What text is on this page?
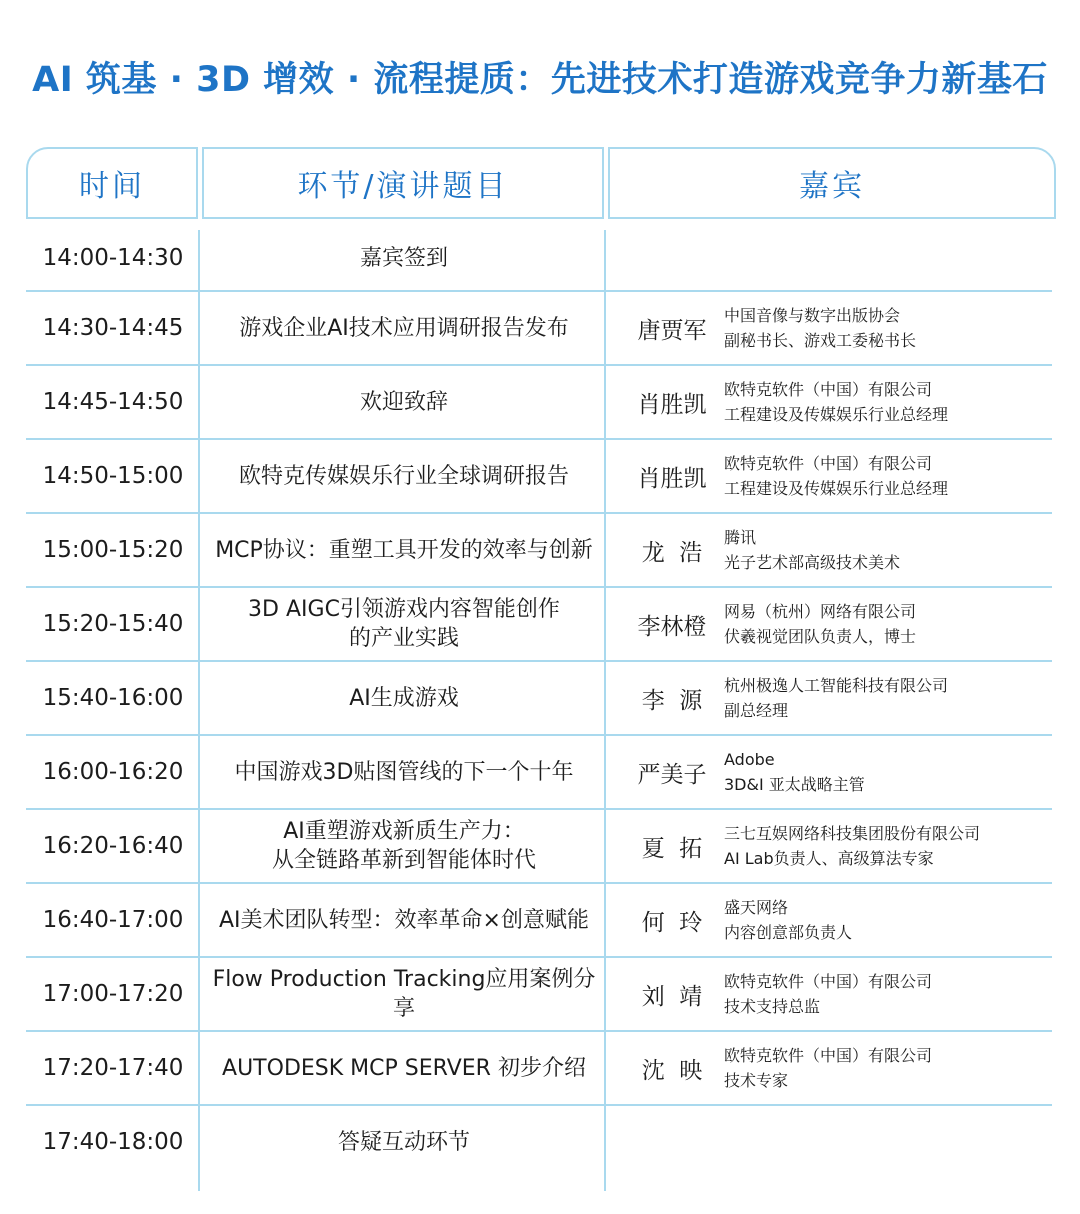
AI 筑基 · 3D 增效 · 流程提质：先进技术打造游戏竞争力新基石
时间	环节/演讲题目	嘉宾
14:00-14:30	嘉宾签到
14:30-14:45	游戏企业AI技术应用调研报告发布	唐贾军
中国音像与数字出版协会
副秘书长、游戏工委秘书长
14:45-14:50	欢迎致辞	肖胜凯
欧特克软件（中国）有限公司
工程建设及传媒娱乐行业总经理
14:50-15:00	欧特克传媒娱乐行业全球调研报告	肖胜凯
欧特克软件（中国）有限公司
工程建设及传媒娱乐行业总经理
15:00-15:20	MCP协议：重塑工具开发的效率与创新	龙  浩
腾讯
光子艺术部高级技术美术
15:20-15:40
3D AIGC引领游戏内容智能创作
的产业实践	李林橙
网易（杭州）网络有限公司
伏羲视觉团队负责人，博士
15:40-16:00	AI生成游戏	李  源
杭州极逸人工智能科技有限公司
副总经理
16:00-16:20	中国游戏3D贴图管线的下一个十年	严美子
Adobe
3D&I 亚太战略主管
16:20-16:40
AI重塑游戏新质生产力：
从全链路革新到智能体时代	夏  拓
三七互娱网络科技集团股份有限公司
AI Lab负责人、高级算法专家
16:40-17:00	AI美术团队转型：效率革命×创意赋能	何  玲
盛天网络
内容创意部负责人
17:00-17:20
Flow Production Tracking应用案例分享	刘  靖
欧特克软件（中国）有限公司
技术支持总监
17:20-17:40	AUTODESK MCP SERVER 初步介绍	沈  映
欧特克软件（中国）有限公司
技术专家
17:40-18:00	答疑互动环节
